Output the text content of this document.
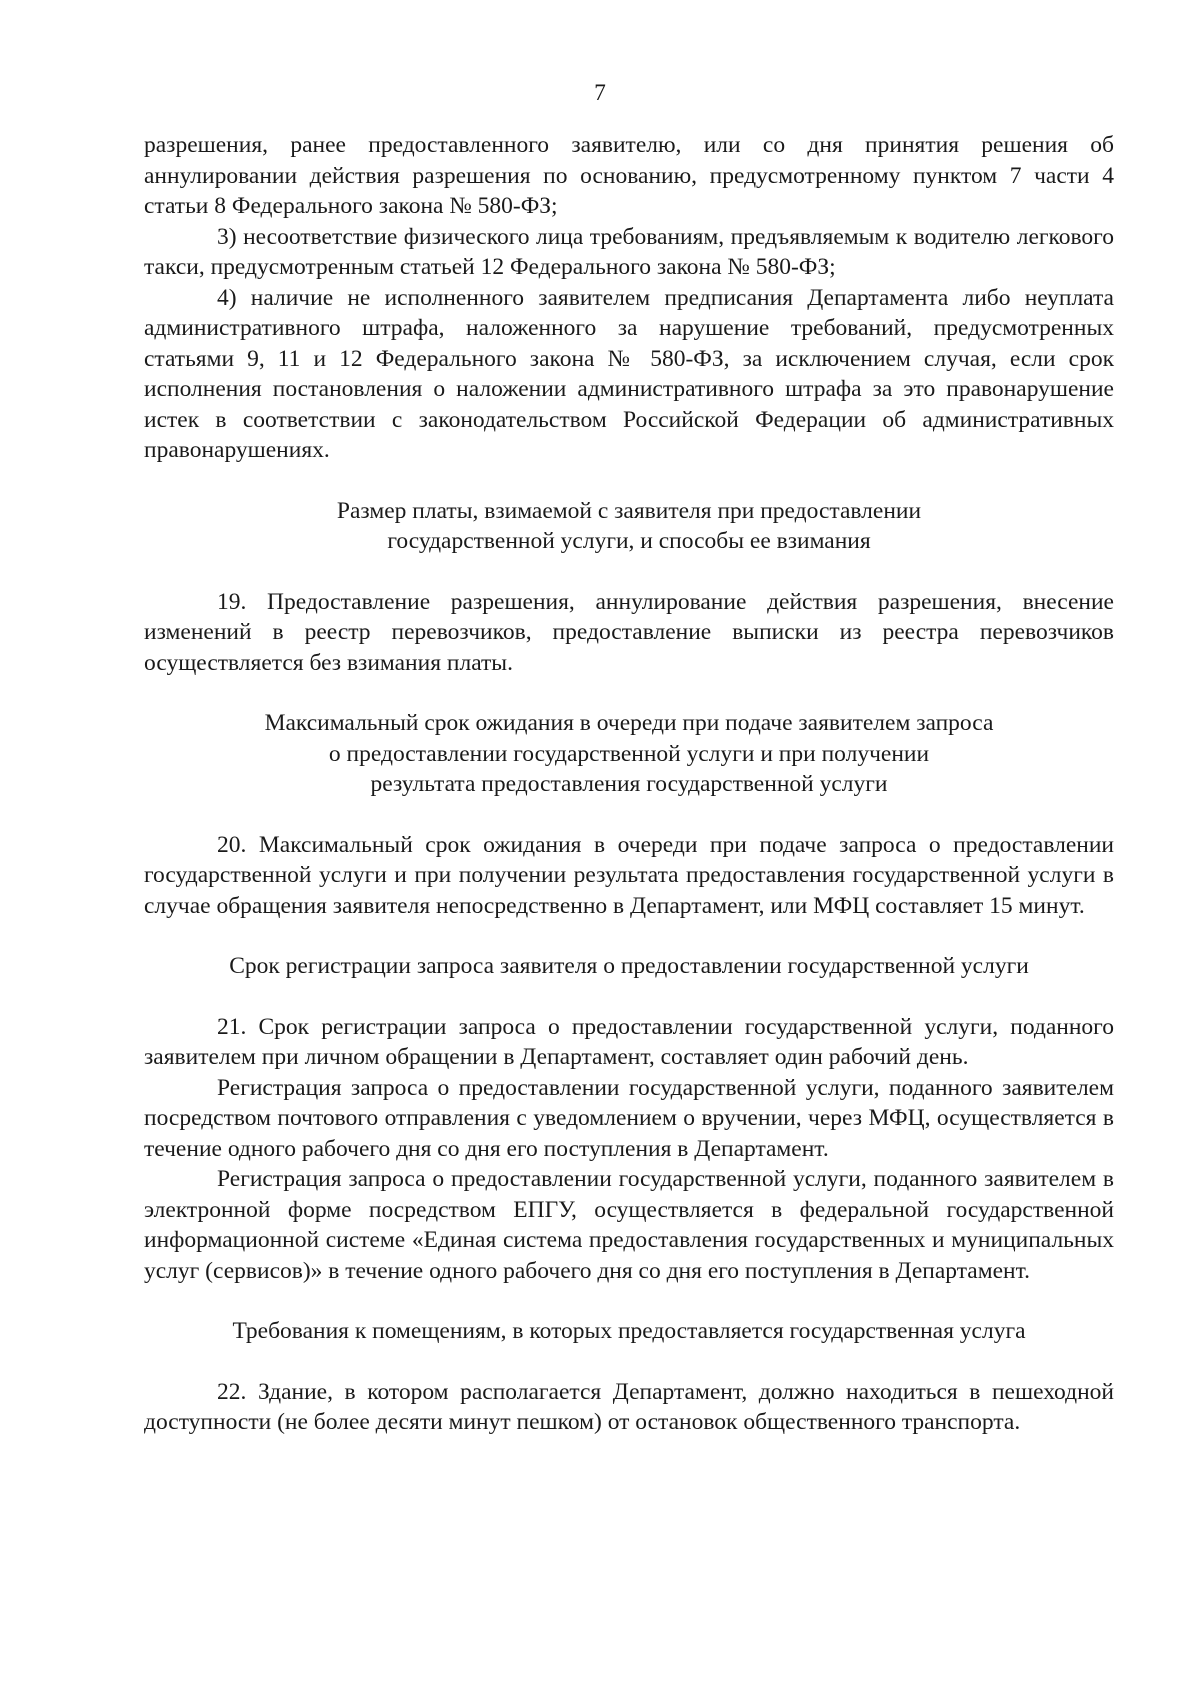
7

разрешения, ранее предоставленного заявителю, или со дня принятия решения об аннулировании действия разрешения по основанию, предусмотренному пунктом 7 части 4 статьи 8 Федерального закона № 580-ФЗ;

3) несоответствие физического лица требованиям, предъявляемым к водителю легкового такси, предусмотренным статьей 12 Федерального закона № 580-ФЗ;

4) наличие не исполненного заявителем предписания Департамента либо неуплата административного штрафа, наложенного за нарушение требований, предусмотренных статьями 9, 11 и 12 Федерального закона № 580-ФЗ, за исключением случая, если срок исполнения постановления о наложении административного штрафа за это правонарушение истек в соответствии с законодательством Российской Федерации об административных правонарушениях.

Размер платы, взимаемой с заявителя при предоставлении
государственной услуги, и способы ее взимания

19. Предоставление разрешения, аннулирование действия разрешения, внесение изменений в реестр перевозчиков, предоставление выписки из реестра перевозчиков осуществляется без взимания платы.

Максимальный срок ожидания в очереди при подаче заявителем запроса
о предоставлении государственной услуги и при получении
результата предоставления государственной услуги

20. Максимальный срок ожидания в очереди при подаче запроса о предоставлении государственной услуги и при получении результата предоставления государственной услуги в случае обращения заявителя непосредственно в Департамент, или МФЦ составляет 15 минут.

Срок регистрации запроса заявителя о предоставлении государственной услуги

21. Срок регистрации запроса о предоставлении государственной услуги, поданного заявителем при личном обращении в Департамент, составляет один рабочий день.

Регистрация запроса о предоставлении государственной услуги, поданного заявителем посредством почтового отправления с уведомлением о вручении, через МФЦ, осуществляется в течение одного рабочего дня со дня его поступления в Департамент.

Регистрация запроса о предоставлении государственной услуги, поданного заявителем в электронной форме посредством ЕПГУ, осуществляется в федеральной государственной информационной системе «Единая система предоставления государственных и муниципальных услуг (сервисов)» в течение одного рабочего дня со дня его поступления в Департамент.

Требования к помещениям, в которых предоставляется государственная услуга

22. Здание, в котором располагается Департамент, должно находиться в пешеходной доступности (не более десяти минут пешком) от остановок общественного транспорта.
